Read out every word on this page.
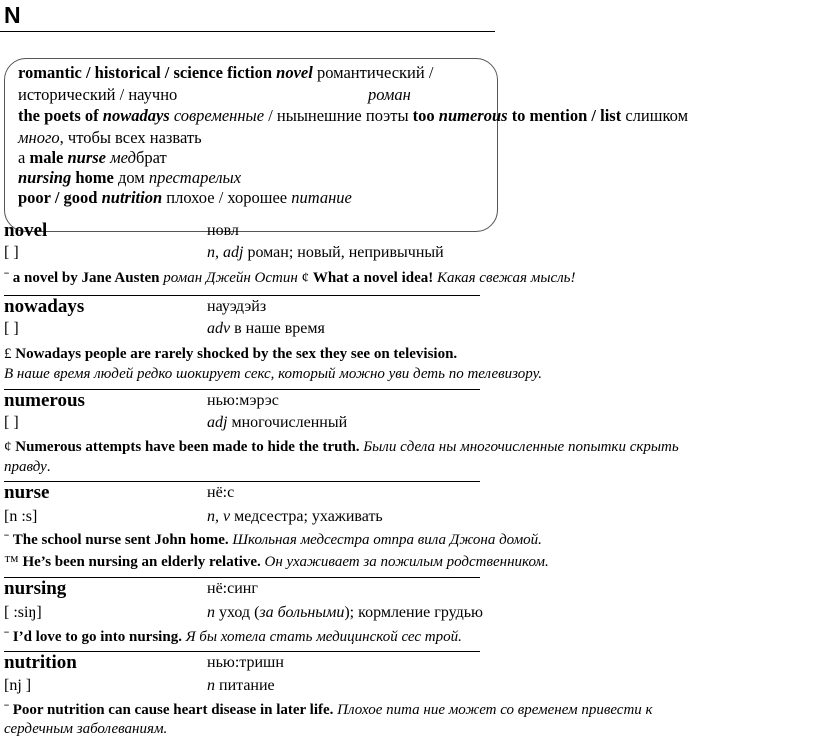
N
romantic / historical / science fiction novel романтический /
исторический / научно	роман
the poets of nowadays современные / ныынешние поэты too numerous to mention / list слишком
много, чтобы всех назвать
a male nurse медбрат
nursing home дом престарелых
poor / good nutrition плохое / хорошее питание
novel	новл
[ ]	n, adj роман; новый, непривычный
ˉ a novel by Jane Austen роман Джейн Остин ¢ What a novel idea! Какая свежая мысль!
nowadays	науэдэйз
[ ]	adv в наше время
£ Nowadays people are rarely shocked by the sex they see on television.
В наше время людей редко шокирует секс, который можно уви деть по телевизору.
numerous	нью:мэрэс
[ ]	adj многочисленный
¢ Numerous attempts have been made to hide the truth. Были сдела ны многочисленные попытки скрыть
правду.
nurse	нё:с
[n :s]	n, v медсестра; ухаживать
ˉ The school nurse sent John home. Школьная медсестра отпра вила Джона домой.
™ He’s been nursing an elderly relative. Он ухаживает за пожилым родственником.
nursing	нё:синг
[ :siŋ]	n уход (за больными); кормление грудью
ˉ I’d love to go into nursing. Я бы хотела стать медицинской сес трой.
nutrition	нью:тришн
[nj ]	n питание
ˉ Poor nutrition can cause heart disease in later life. Плохое пита ние может со временем привести к
сердечным заболеваниям.
